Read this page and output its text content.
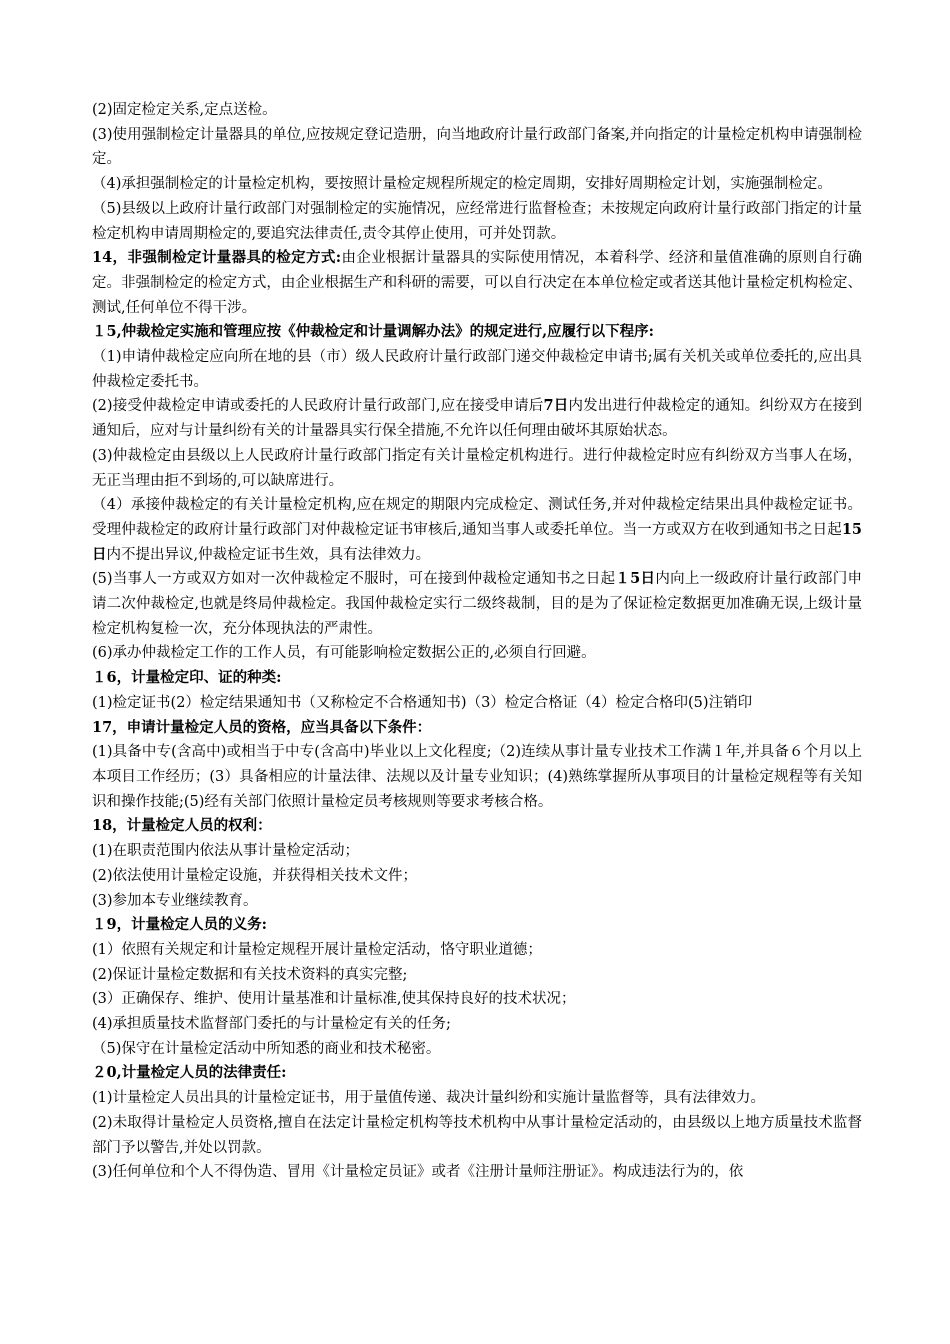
(2)固定检定关系,定点送检。

(3)使用强制检定计量器具的单位,应按规定登记造册，向当地政府计量行政部门备案,并向指定的计量检定机构申请强制检定。

（4)承担强制检定的计量检定机构，要按照计量检定规程所规定的检定周期，安排好周期检定计划，实施强制检定。

（5)县级以上政府计量行政部门对强制检定的实施情况，应经常进行监督检查；未按规定向政府计量行政部门指定的计量检定机构申请周期检定的,要追究法律责任,责令其停止使用，可并处罚款。

14，非强制检定计量器具的检定方式:由企业根据计量器具的实际使用情况，本着科学、经济和量值准确的原则自行确定。非强制检定的检定方式，由企业根据生产和科研的需要，可以自行决定在本单位检定或者送其他计量检定机构检定、测试,任何单位不得干涉。

１5,仲裁检定实施和管理应按《仲裁检定和计量调解办法》的规定进行,应履行以下程序:

（1)申请仲裁检定应向所在地的县（市）级人民政府计量行政部门递交仲裁检定申请书;属有关机关或单位委托的,应出具仲裁检定委托书。

(2)接受仲裁检定申请或委托的人民政府计量行政部门,应在接受申请后7日内发出进行仲裁检定的通知。纠纷双方在接到通知后，应对与计量纠纷有关的计量器具实行保全措施,不允许以任何理由破坏其原始状态。

(3)仲裁检定由县级以上人民政府计量行政部门指定有关计量检定机构进行。进行仲裁检定时应有纠纷双方当事人在场，无正当理由拒不到场的,可以缺席进行。

（4）承接仲裁检定的有关计量检定机构,应在规定的期限内完成检定、测试任务,并对仲裁检定结果出具仲裁检定证书。受理仲裁检定的政府计量行政部门对仲裁检定证书审核后,通知当事人或委托单位。当一方或双方在收到通知书之日起15日内不提出异议,仲裁检定证书生效，具有法律效力。

(5)当事人一方或双方如对一次仲裁检定不服时，可在接到仲裁检定通知书之日起１5日内向上一级政府计量行政部门申请二次仲裁检定,也就是终局仲裁检定。我国仲裁检定实行二级终裁制，目的是为了保证检定数据更加准确无误,上级计量检定机构复检一次，充分体现执法的严肃性。

(6)承办仲裁检定工作的工作人员，有可能影响检定数据公正的,必须自行回避。

１6，计量检定印、证的种类:

(1)检定证书(2）检定结果通知书（又称检定不合格通知书)（3）检定合格证（4）检定合格印(5)注销印

17，申请计量检定人员的资格，应当具备以下条件：

(1)具备中专(含高中)或相当于中专(含高中)毕业以上文化程度;（2)连续从事计量专业技术工作满１年,并具备６个月以上本项目工作经历；(3）具备相应的计量法律、法规以及计量专业知识；(4)熟练掌握所从事项目的计量检定规程等有关知识和操作技能;(5)经有关部门依照计量检定员考核规则等要求考核合格。

18，计量检定人员的权利：

(1)在职责范围内依法从事计量检定活动；

(2)依法使用计量检定设施，并获得相关技术文件；

(3)参加本专业继续教育。

１9，计量检定人员的义务:

(1）依照有关规定和计量检定规程开展计量检定活动，恪守职业道德；

(2)保证计量检定数据和有关技术资料的真实完整;

(3）正确保存、维护、使用计量基准和计量标准,使其保持良好的技术状况；

(4)承担质量技术监督部门委托的与计量检定有关的任务;

（5)保守在计量检定活动中所知悉的商业和技术秘密。

２0,计量检定人员的法律责任:

(1)计量检定人员出具的计量检定证书，用于量值传递、裁决计量纠纷和实施计量监督等，具有法律效力。

(2)未取得计量检定人员资格,擅自在法定计量检定机构等技术机构中从事计量检定活动的，由县级以上地方质量技术监督部门予以警告,并处以罚款。

(3)任何单位和个人不得伪造、冒用《计量检定员证》或者《注册计量师注册证》。构成违法行为的，依
